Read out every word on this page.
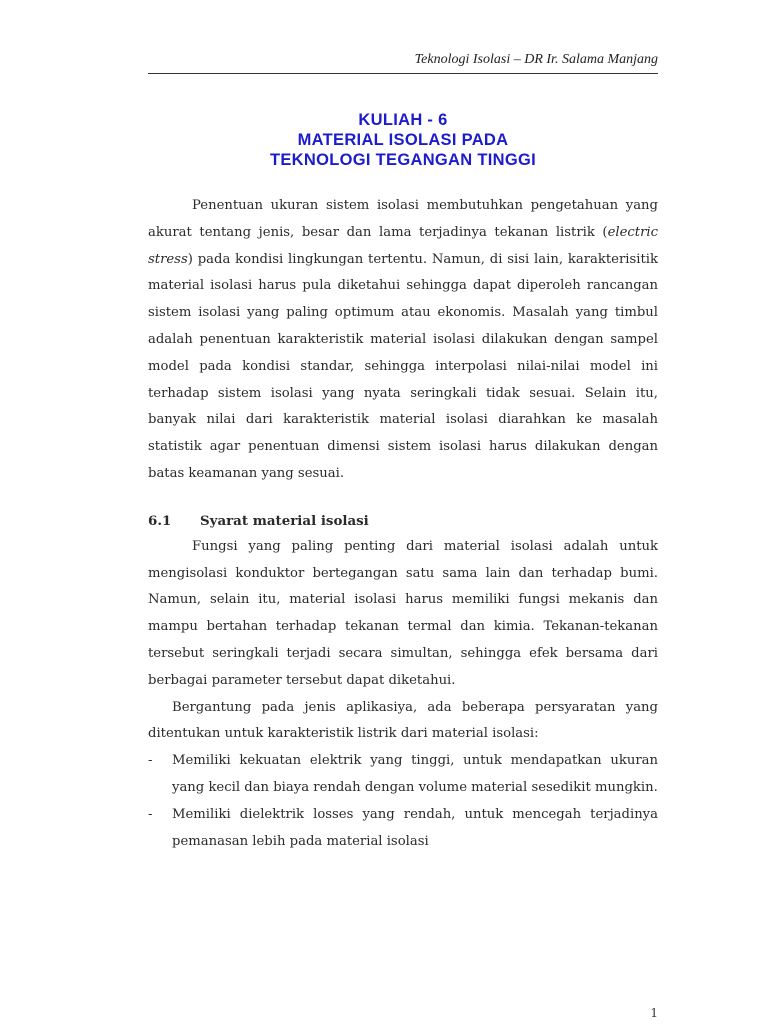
Teknologi Isolasi – DR Ir. Salama Manjang
KULIAH - 6
MATERIAL ISOLASI PADA
TEKNOLOGI TEGANGAN TINGGI

Penentuan ukuran sistem isolasi membutuhkan pengetahuan yang akurat tentang jenis, besar dan lama terjadinya tekanan listrik (electric stress) pada kondisi lingkungan tertentu. Namun, di sisi lain, karakterisitik material isolasi harus pula diketahui sehingga dapat diperoleh rancangan sistem isolasi yang paling optimum atau ekonomis. Masalah yang timbul adalah penentuan karakteristik material isolasi dilakukan dengan sampel model pada kondisi standar, sehingga interpolasi nilai-nilai model ini terhadap sistem isolasi yang nyata seringkali tidak sesuai. Selain itu, banyak nilai dari karakteristik material isolasi diarahkan ke masalah statistik agar penentuan dimensi sistem isolasi harus dilakukan dengan batas keamanan yang sesuai.

6.1	Syarat material isolasi

Fungsi yang paling penting dari material isolasi adalah untuk mengisolasi konduktor bertegangan satu sama lain dan terhadap bumi. Namun, selain itu, material isolasi harus memiliki fungsi mekanis dan mampu bertahan terhadap tekanan termal dan kimia. Tekanan-tekanan tersebut seringkali terjadi secara simultan, sehingga efek bersama dari berbagai parameter tersebut dapat diketahui.

Bergantung pada jenis aplikasiya, ada beberapa persyaratan yang ditentukan untuk karakteristik listrik dari material isolasi:

-	Memiliki kekuatan elektrik yang tinggi, untuk mendapatkan ukuran yang kecil dan biaya rendah dengan volume material sesedikit mungkin.
-	Memiliki dielektrik losses yang rendah, untuk mencegah terjadinya pemanasan lebih pada material isolasi
1
